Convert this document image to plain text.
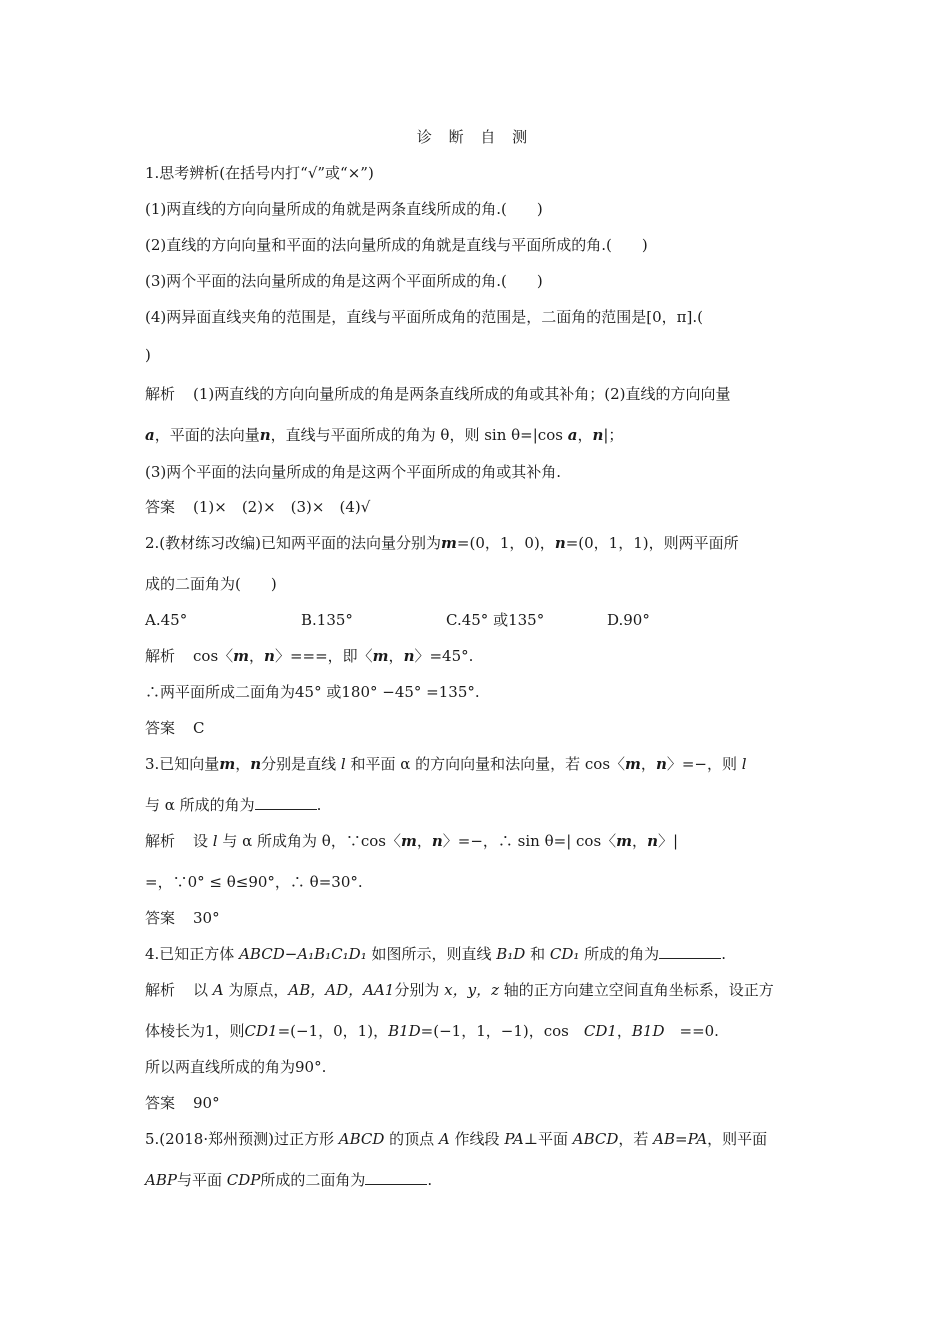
诊 断 自 测
1.思考辨析(在括号内打“√”或“×”)
(1)两直线的方向向量所成的角就是两条直线所成的角.(　　)
(2)直线的方向向量和平面的法向量所成的角就是直线与平面所成的角.(　　)
(3)两个平面的法向量所成的角是这两个平面所成的角.(　　)
(4)两异面直线夹角的范围是，直线与平面所成角的范围是，二面角的范围是[0，π].(
)
解析 (1)两直线的方向向量所成的角是两条直线所成的角或其补角；(2)直线的方向向量
a，平面的法向量n，直线与平面所成的角为 θ，则 sin θ=|cos a，n|；
(3)两个平面的法向量所成的角是这两个平面所成的角或其补角.
答案 (1)×　(2)×　(3)×　(4)√
2.(教材练习改编)已知两平面的法向量分别为m=(0，1，0)，n=(0，1，1)，则两平面所
成的二面角为(　　)
A.45°	B.135°	C.45° 或135°	D.90°
解析 cos〈m，n〉===，即〈m，n〉=45°.
∴两平面所成二面角为45° 或180° −45° =135°.
答案 C
3.已知向量m，n分别是直线 l 和平面 α 的方向向量和法向量，若 cos〈m，n〉=−，则 l
与 α 所成的角为	.
解析 设 l 与 α 所成角为 θ，∵cos〈m，n〉=−，∴ sin θ=| cos〈m，n〉|
=，∵0° ≤ θ≤90°，∴ θ=30°.
答案 30°
4.已知正方体 ABCD−A₁B₁C₁D₁ 如图所示，则直线 B₁D 和 CD₁ 所成的角为	.
解析 以 A 为原点，AB，AD，AA1分别为 x，y，z 轴的正方向建立空间直角坐标系，设正方
体棱长为1，则CD1=(−1，0，1)，B1D=(−1，1，−1)，cos　CD1，B1D　==0.
所以两直线所成的角为90°.
答案 90°
5.(2018·郑州预测)过正方形 ABCD 的顶点 A 作线段 PA⊥平面 ABCD，若 AB=PA，则平面
ABP与平面 CDP所成的二面角为	.
